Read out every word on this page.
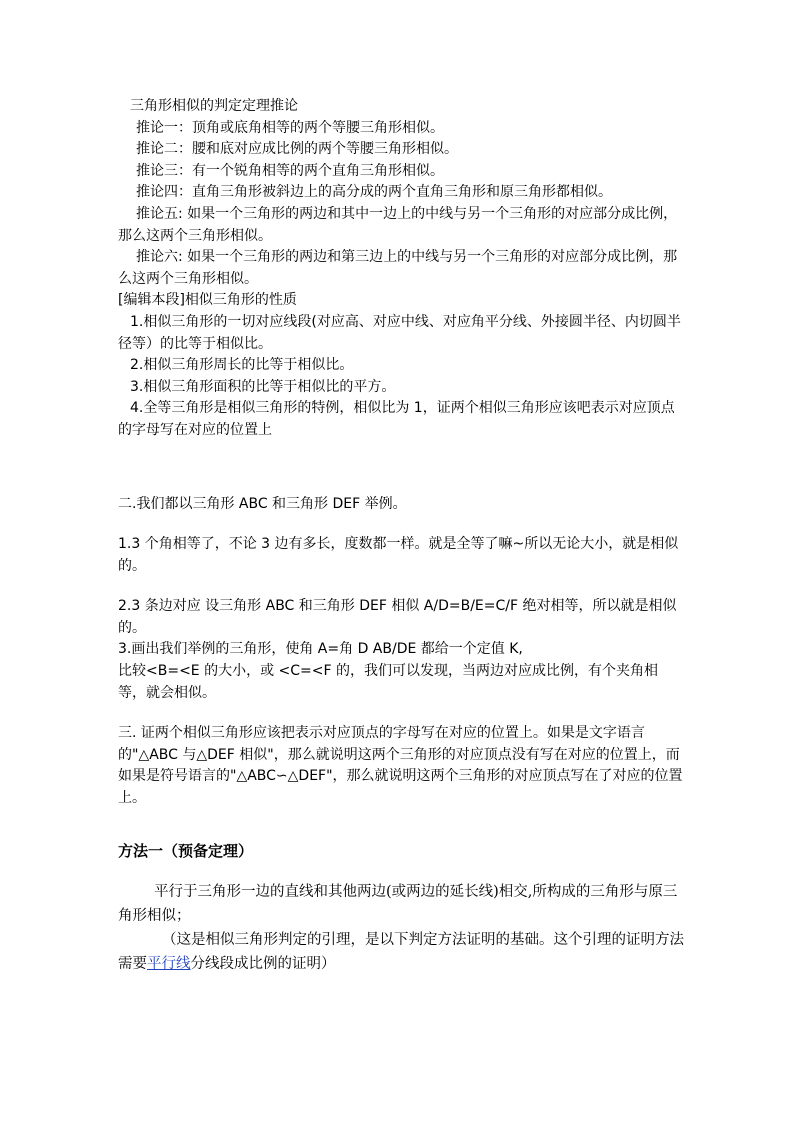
三角形相似的判定定理推论

推论一：顶角或底角相等的两个等腰三角形相似。

推论二：腰和底对应成比例的两个等腰三角形相似。

推论三：有一个锐角相等的两个直角三角形相似。

推论四：直角三角形被斜边上的高分成的两个直角三角形和原三角形都相似。

推论五: 如果一个三角形的两边和其中一边上的中线与另一个三角形的对应部分成比例，那么这两个三角形相似。

推论六: 如果一个三角形的两边和第三边上的中线与另一个三角形的对应部分成比例，那么这两个三角形相似。

[编辑本段]相似三角形的性质

1.相似三角形的一切对应线段(对应高、对应中线、对应角平分线、外接圆半径、内切圆半径等）的比等于相似比。

2.相似三角形周长的比等于相似比。

3.相似三角形面积的比等于相似比的平方。

4.全等三角形是相似三角形的特例，相似比为 1，证两个相似三角形应该吧表示对应顶点的字母写在对应的位置上

二.我们都以三角形 ABC 和三角形 DEF 举例。

1.3 个角相等了，不论 3 边有多长，度数都一样。就是全等了嘛~所以无论大小，就是相似的。

2.3 条边对应 设三角形 ABC 和三角形 DEF 相似 A/D=B/E=C/F 绝对相等，所以就是相似的。

3.画出我们举例的三角形，使角 A=角 D AB/DE 都给一个定值 K,

比较<B=<E 的大小，或 <C=<F 的，我们可以发现，当两边对应成比例，有个夹角相等，就会相似。

三. 证两个相似三角形应该把表示对应顶点的字母写在对应的位置上。如果是文字语言的"△ABC 与△DEF 相似"，那么就说明这两个三角形的对应顶点没有写在对应的位置上，而如果是符号语言的"△ABC∽△DEF"，那么就说明这两个三角形的对应顶点写在了对应的位置上。

方法一（预备定理）

平行于三角形一边的直线和其他两边(或两边的延长线)相交,所构成的三角形与原三角形相似；

（这是相似三角形判定的引理，是以下判定方法证明的基础。这个引理的证明方法需要平行线分线段成比例的证明）
